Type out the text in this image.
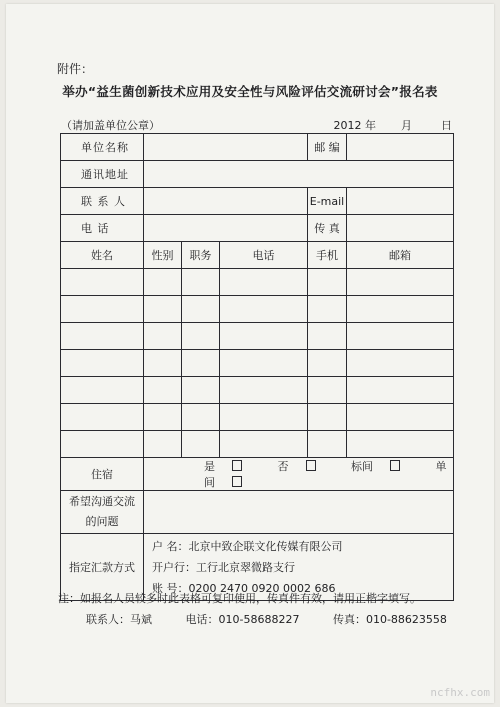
附件：
举办“益生菌创新技术应用及安全性与风险评估交流研讨会”报名表
（请加盖单位公章）	2012 年 月	日
单位名称				邮 编	
通讯地址					
联 系 人				E-mail	
电 话				传 真	
姓名	性别	职务	电话	手机	邮箱

住宿	是 否 标间 单间				

希望沟通交流
的问题					

指定汇款方式	户 名：北京中致企联文化传媒有限公司
开户行：工行北京翠微路支行
账 号：0200 2470 0920 0002 686				
注：如报名人员较多时此表格可复印使用，传真件有效，请用正楷字填写。
联系人：马斌	电话：010-58688227	传真：010-88623558
ncfhx.com
